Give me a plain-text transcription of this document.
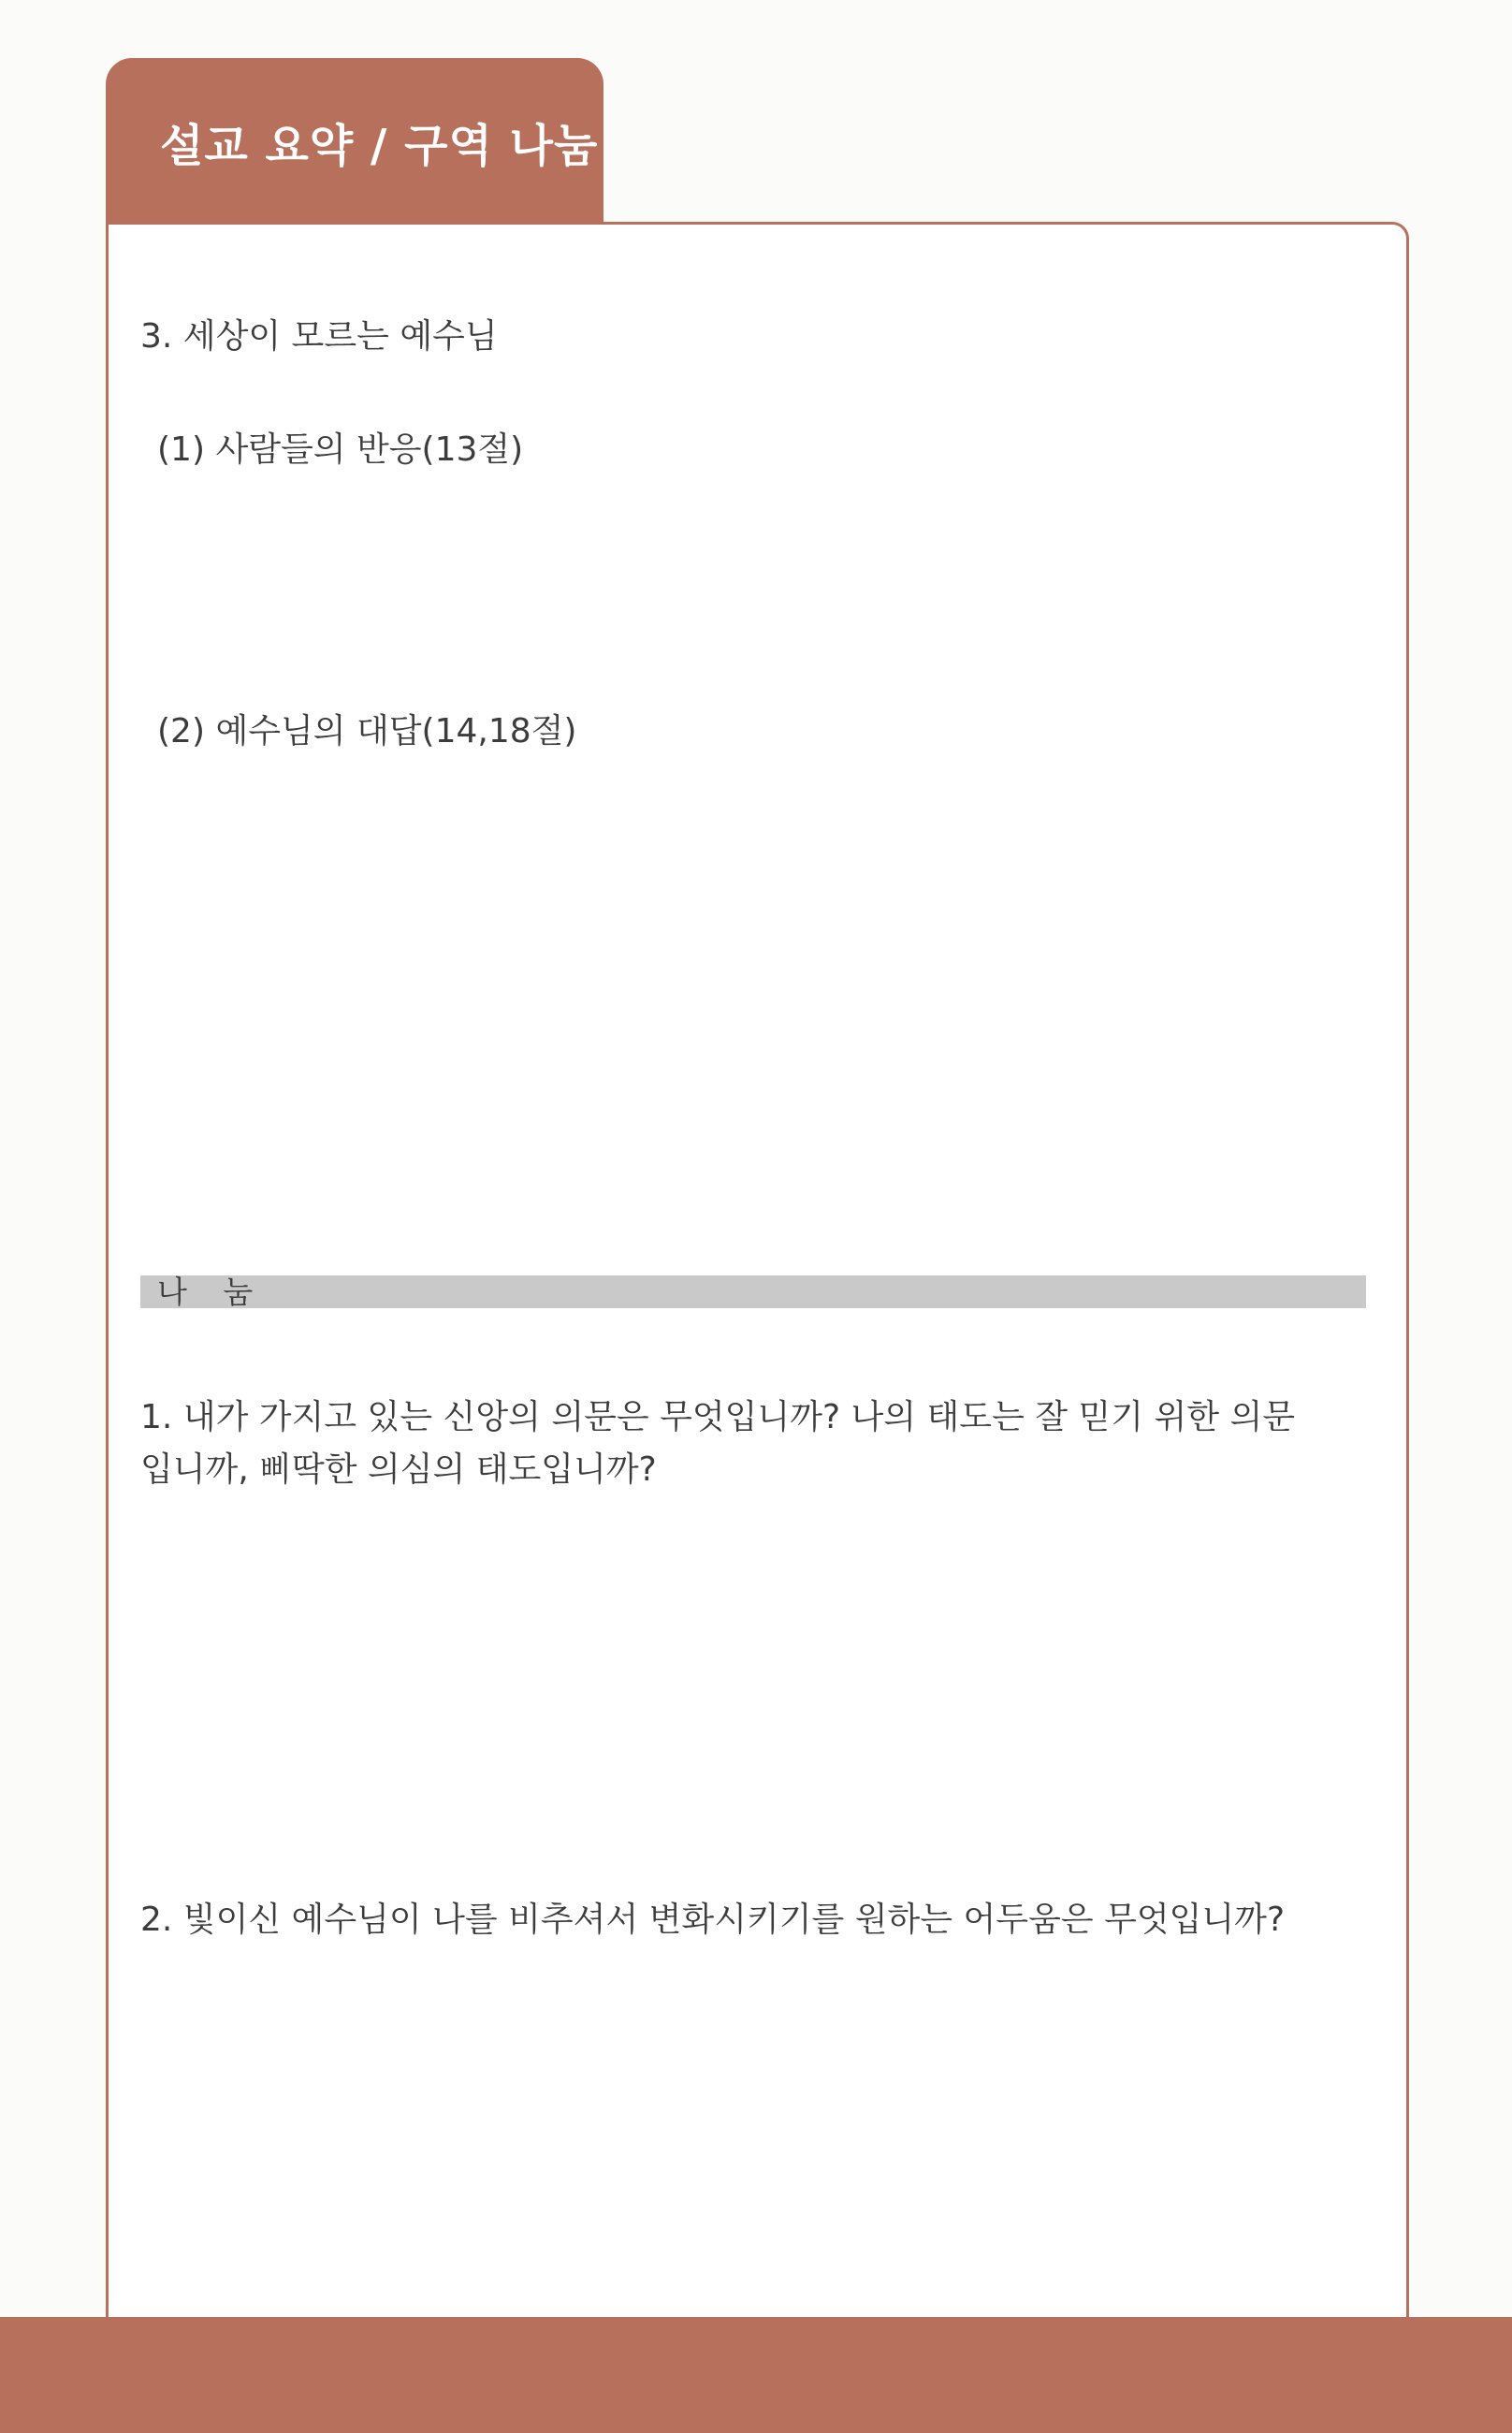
설교 요약 / 구역 나눔
3. 세상이 모르는 예수님
(1) 사람들의 반응(13절)
(2) 예수님의 대답(14,18절)
나 눔
1. 내가 가지고 있는 신앙의 의문은 무엇입니까? 나의 태도는 잘 믿기 위한 의문
입니까, 삐딱한 의심의 태도입니까?
2. 빛이신 예수님이 나를 비추셔서 변화시키기를 원하는 어두움은 무엇입니까?
